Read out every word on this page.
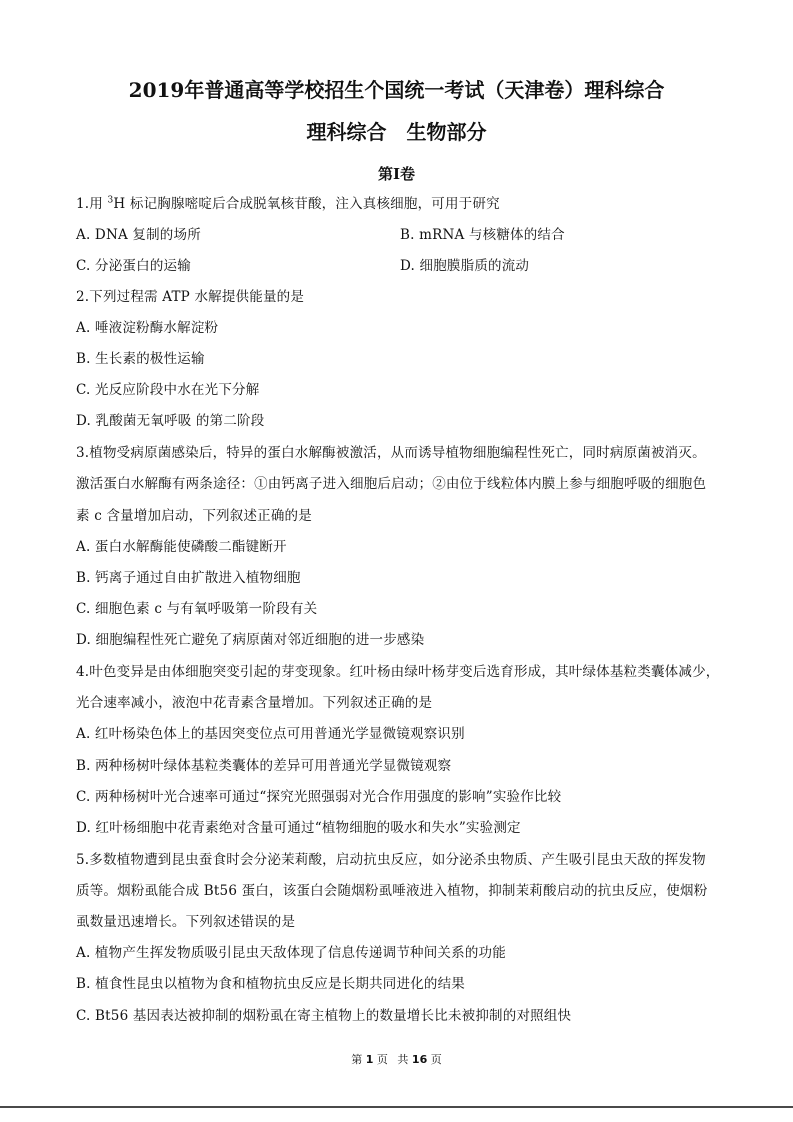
2019年普通高等学校招生个国统一考试（天津卷）理科综合
理科综合　生物部分
第Ⅰ卷
1.用 $^3$H 标记胸腺嘧啶后合成脱氧核苷酸，注入真核细胞，可用于研究
A. DNA 复制的场所	B. mRNA 与核糖体的结合
C. 分泌蛋白的运输	D. 细胞膜脂质的流动
2.下列过程需 ATP 水解提供能量的是
A. 唾液淀粉酶水解淀粉
B. 生长素的极性运输
C. 光反应阶段中水在光下分解
D. 乳酸菌无氧呼吸 的第二阶段
3.植物受病原菌感染后，特异的蛋白水解酶被激活，从而诱导植物细胞编程性死亡，同时病原菌被消灭。
激活蛋白水解酶有两条途径：①由钙离子进入细胞后启动；②由位于线粒体内膜上参与细胞呼吸的细胞色
素 c 含量增加启动，下列叙述正确的是
A. 蛋白水解酶能使磷酸二酯键断开
B. 钙离子通过自由扩散进入植物细胞
C. 细胞色素 c 与有氧呼吸第一阶段有关
D. 细胞编程性死亡避免了病原菌对邻近细胞的进一步感染
4.叶色变异是由体细胞突变引起的芽变现象。红叶杨由绿叶杨芽变后选育形成，其叶绿体基粒类囊体减少，
光合速率减小，液泡中花青素含量增加。下列叙述正确的是
A. 红叶杨染色体上的基因突变位点可用普通光学显微镜观察识别
B. 两种杨树叶绿体基粒类囊体的差异可用普通光学显微镜观察
C. 两种杨树叶光合速率可通过“探究光照强弱对光合作用强度的影响”实验作比较
D. 红叶杨细胞中花青素绝对含量可通过“植物细胞的吸水和失水”实验测定
5.多数植物遭到昆虫蚕食时会分泌茉莉酸，启动抗虫反应，如分泌杀虫物质、产生吸引昆虫天敌的挥发物
质等。烟粉虱能合成 Bt56 蛋白，该蛋白会随烟粉虱唾液进入植物，抑制茉莉酸启动的抗虫反应，使烟粉
虱数量迅速增长。下列叙述错误的是
A. 植物产生挥发物质吸引昆虫天敌体现了信息传递调节种间关系的功能
B. 植食性昆虫以植物为食和植物抗虫反应是长期共同进化的结果
C. Bt56 基因表达被抑制的烟粉虱在寄主植物上的数量增长比未被抑制的对照组快
第 1 页 共 16 页
